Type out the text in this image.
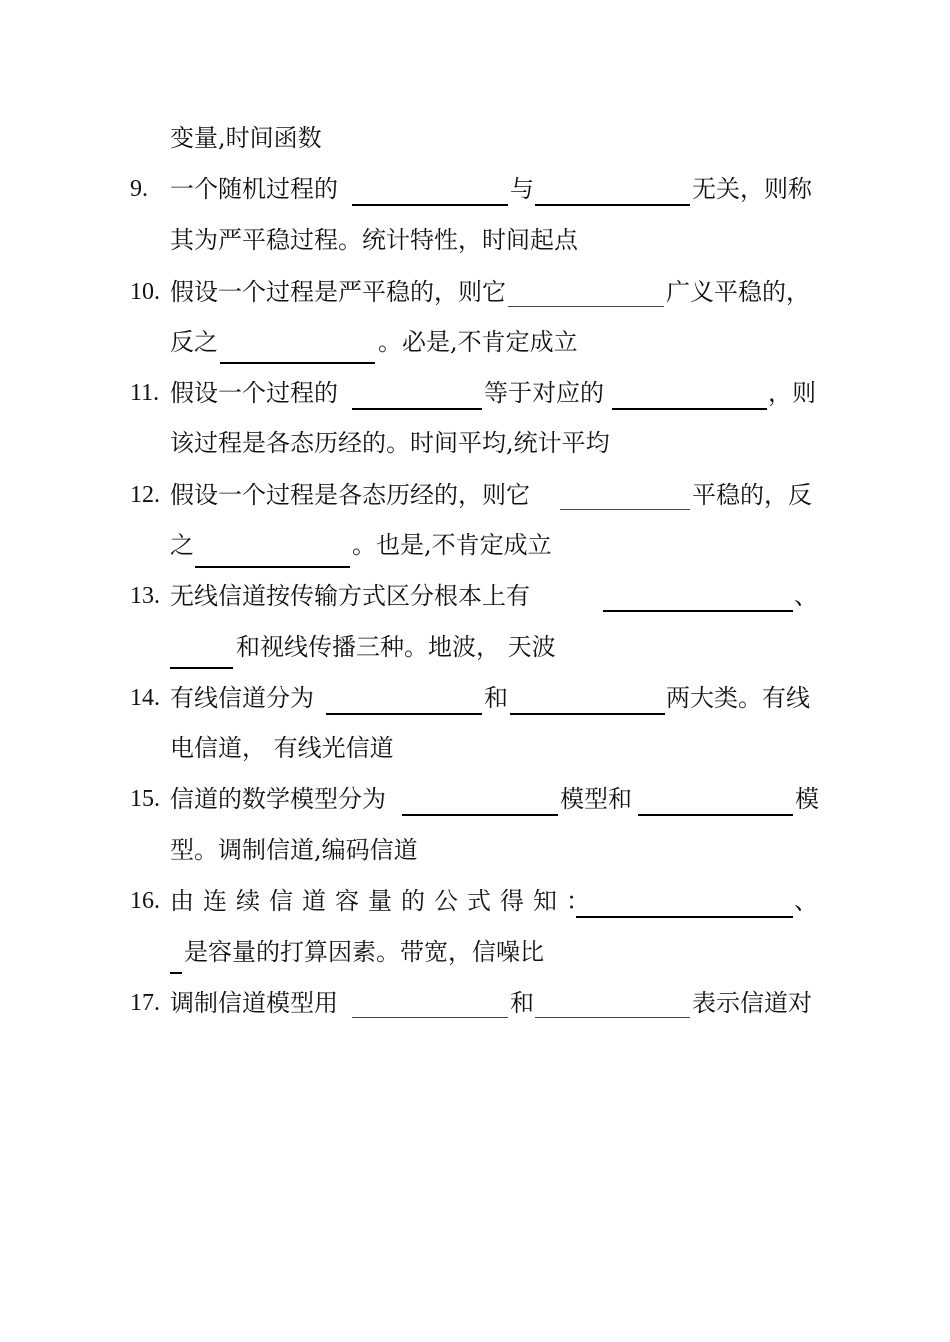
变量,时间函数
9. 一个随机过程的	与	无关，则称
其为严平稳过程。统计特性，时间起点
10. 假设一个过程是严平稳的，则它	广义平稳的，
反之	。必是,不肯定成立
11. 假设一个过程的	等于对应的	，则
该过程是各态历经的。时间平均,统计平均
12. 假设一个过程是各态历经的，则它	平稳的，反
之	。也是,不肯定成立
13. 无线信道按传输方式区分根本上有	、
和视线传播三种。地波， 天波
14. 有线信道分为	和	两大类。有线
电信道， 有线光信道
15. 信道的数学模型分为	模型和	模
型。调制信道,编码信道
16. 由连续信道容量的公式得知：	、
是容量的打算因素。带宽，信噪比
17. 调制信道模型用	和	表示信道对
